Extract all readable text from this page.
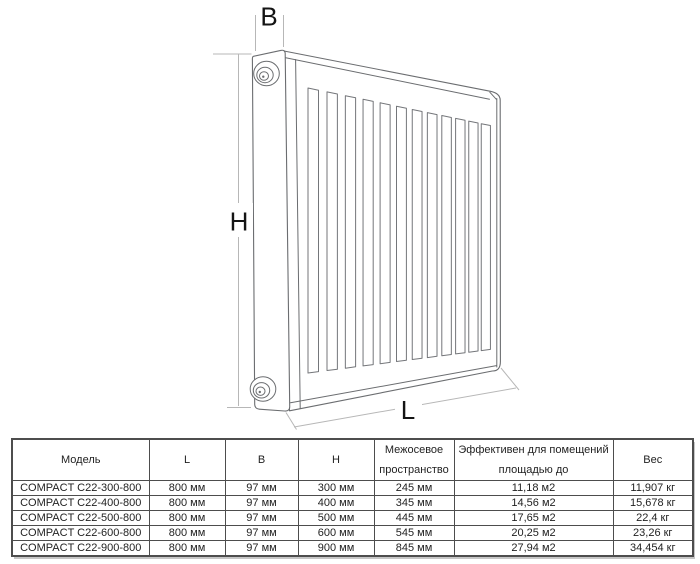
B
H
L
Модель	L	B	H	Межосевое пространство	Эффективен для помещений площадью до	Вес
COMPACT C22-300-800	800 мм	97 мм	300 мм	245 мм	11,18 м2	11,907 кг
COMPACT C22-400-800	800 мм	97 мм	400 мм	345 мм	14,56 м2	15,678 кг
COMPACT C22-500-800	800 мм	97 мм	500 мм	445 мм	17,65 м2	22,4 кг
COMPACT C22-600-800	800 мм	97 мм	600 мм	545 мм	20,25 м2	23,26 кг
COMPACT C22-900-800	800 мм	97 мм	900 мм	845 мм	27,94 м2	34,454 кг
